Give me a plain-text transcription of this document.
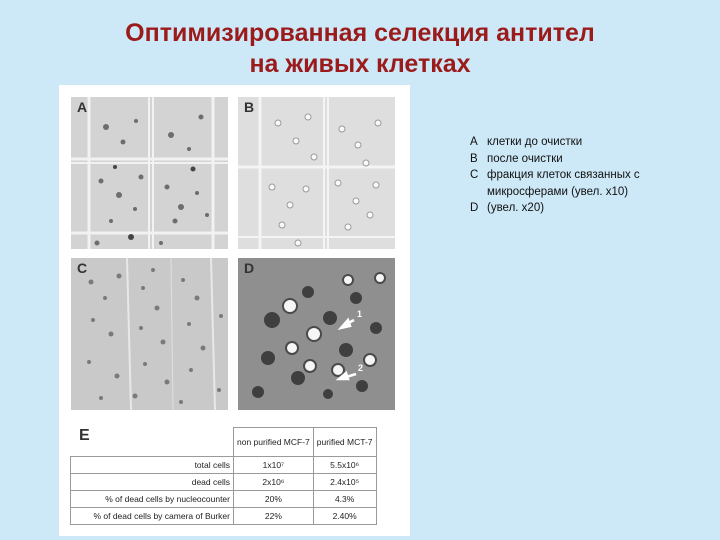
Оптимизированная селекция антител
на живых клетках
A	B
C
1
2
D
E
		non purified MCF-7	purified MCT-7
total cells	1x10⁷	5.5x10⁶
dead cells	2x10⁶	2.4x10⁵
% of dead cells by nucleocounter	20%	4.3%
% of dead cells by camera of Burker	22%	2.40%
A клетки до очистки
B после очистки
C фракция клеток связанных с микросферами (увел. х10)
D (увел. х20)
